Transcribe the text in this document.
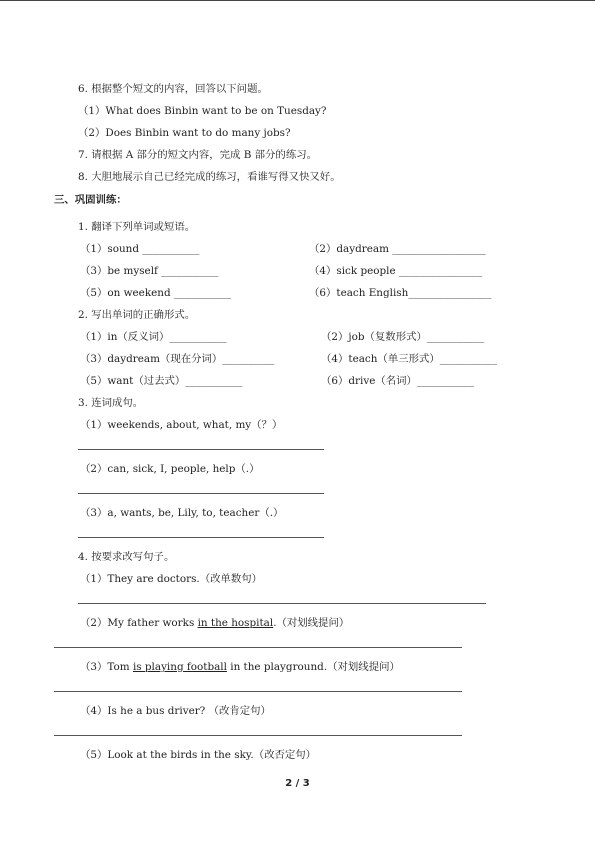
6. 根据整个短文的内容，回答以下问题。
（1）What does Binbin want to be on Tuesday?
（2）Does Binbin want to do many jobs?
7. 请根据 A 部分的短文内容，完成 B 部分的练习。
8. 大胆地展示自己已经完成的练习，看谁写得又快又好。
三、巩固训练：
1. 翻译下列单词或短语。
（1）sound ___________	（2）daydream __________________
（3）be myself ___________	（4）sick people ________________
（5）on weekend ___________	（6）teach English________________
2. 写出单词的正确形式。
（1）in（反义词）___________	（2）job（复数形式）___________
（3）daydream（现在分词）__________	（4）teach（单三形式）___________
（5）want（过去式）___________	（6）drive（名词）___________
3. 连词成句。
（1）weekends, about, what, my（？）
（2）can, sick, I, people, help（.）
（3）a, wants, be, Lily, to, teacher（.）
4. 按要求改写句子。
（1）They are doctors.（改单数句）
（2）My father works in the hospital.（对划线提问）
（3）Tom is playing football in the playground.（对划线提问）
（4）Is he a bus driver? （改肯定句）
（5）Look at the birds in the sky.（改否定句）
2 / 3
